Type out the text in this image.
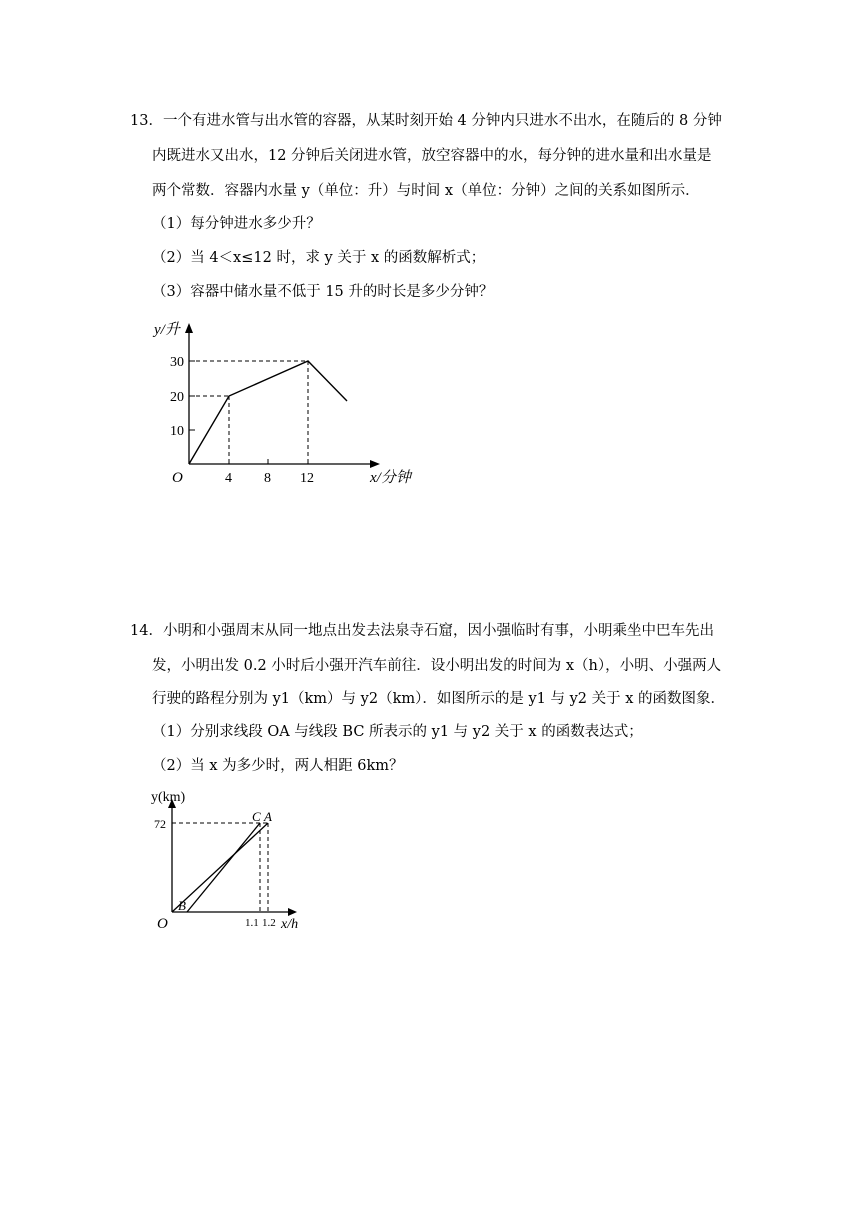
13．一个有进水管与出水管的容器，从某时刻开始 4 分钟内只进水不出水，在随后的 8 分钟
内既进水又出水，12 分钟后关闭进水管，放空容器中的水，每分钟的进水量和出水量是
两个常数．容器内水量 y（单位：升）与时间 x（单位：分钟）之间的关系如图所示．
（1）每分钟进水多少升？
（2）当 4＜x≤12 时，求 y 关于 x 的函数解析式；
（3）容器中储水量不低于 15 升的时长是多少分钟？
y/升
x/分钟
O
30
20
10
4 8 12
14．小明和小强周末从同一地点出发去法泉寺石窟，因小强临时有事，小明乘坐中巴车先出
发，小明出发 0.2 小时后小强开汽车前往．设小明出发的时间为 x（h），小明、小强两人
行驶的路程分别为 y1（km）与 y2（km）．如图所示的是 y1 与 y2 关于 x 的函数图象．
（1）分别求线段 OA 与线段 BC 所表示的 y1 与 y2 关于 x 的函数表达式；
（2）当 x 为多少时，两人相距 6km？
y(km)
x/h
O
72
1.1 1.2
C A
B
